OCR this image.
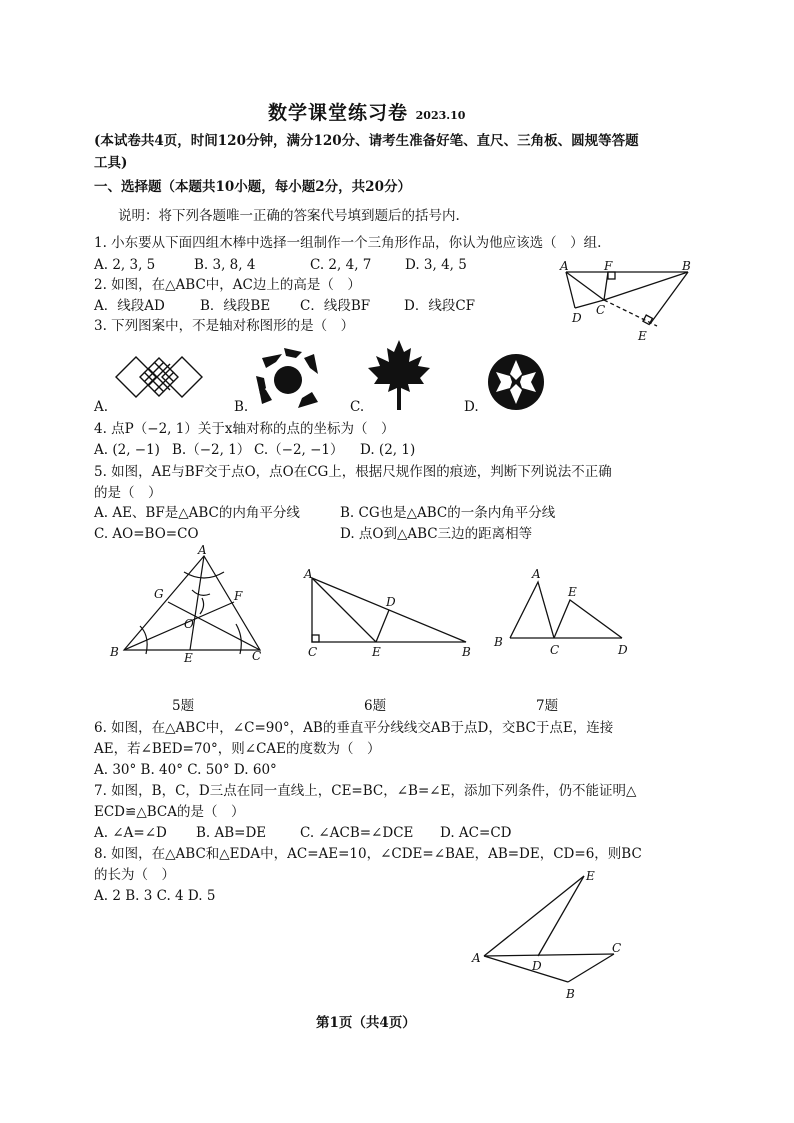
数学课堂练习卷 2023.10
(本试卷共4页，时间120分钟，满分120分、请考生准备好笔、直尺、三角板、圆规等答题
工具)
一、选择题（本题共10小题，每小题2分，共20分）
说明：将下列各题唯一正确的答案代号填到题后的括号内.
1. 小东要从下面四组木棒中选择一组制作一个三角形作品，你认为他应该选（　）组.
A. 2, 3, 5	B. 3, 8, 4	C. 2, 4, 7 D. 3, 4, 5
2. 如图，在△ABC中，AC边上的高是（　）
A．线段AD	B．线段BE C．线段BF	D．线段CF
A	F	B
D
C
E
3. 下列图案中，不是轴对称图形的是（　）
A.	B.	C.	D.
4. 点P（−2, 1）关于x轴对称的点的坐标为（　）
A. (2, −1) B.（−2, 1） C.（−2, −1） D. (2, 1)
5. 如图，AE与BF交于点O，点O在CG上，根据尺规作图的痕迹，判断下列说法不正确
的是（　）
A. AE、BF是△ABC的内角平分线	B. CG也是△ABC的一条内角平分线
C. AO=BO=CO	D. 点O到△ABC三边的距离相等
A
G	F
O
B	E	C
A
D
C	E	B
A
E
B
C	D
5题	6题	7题
6. 如图，在△ABC中，∠C=90°，AB的垂直平分线线交AB于点D，交BC于点E，连接
AE，若∠BED=70°，则∠CAE的度数为（　）
A. 30° B. 40° C. 50° D. 60°
7. 如图，B，C，D三点在同一直线上，CE=BC，∠B=∠E，添加下列条件，仍不能证明△
ECD≌△BCA的是（　）
A. ∠A=∠D B. AB=DE	C. ∠ACB=∠DCE D. AC=CD
8. 如图，在△ABC和△EDA中，AC=AE=10，∠CDE=∠BAE，AB=DE，CD=6，则BC
的长为（　）
A. 2 B. 3 C. 4 D. 5
E
C
A
D
B
第1页（共4页）
